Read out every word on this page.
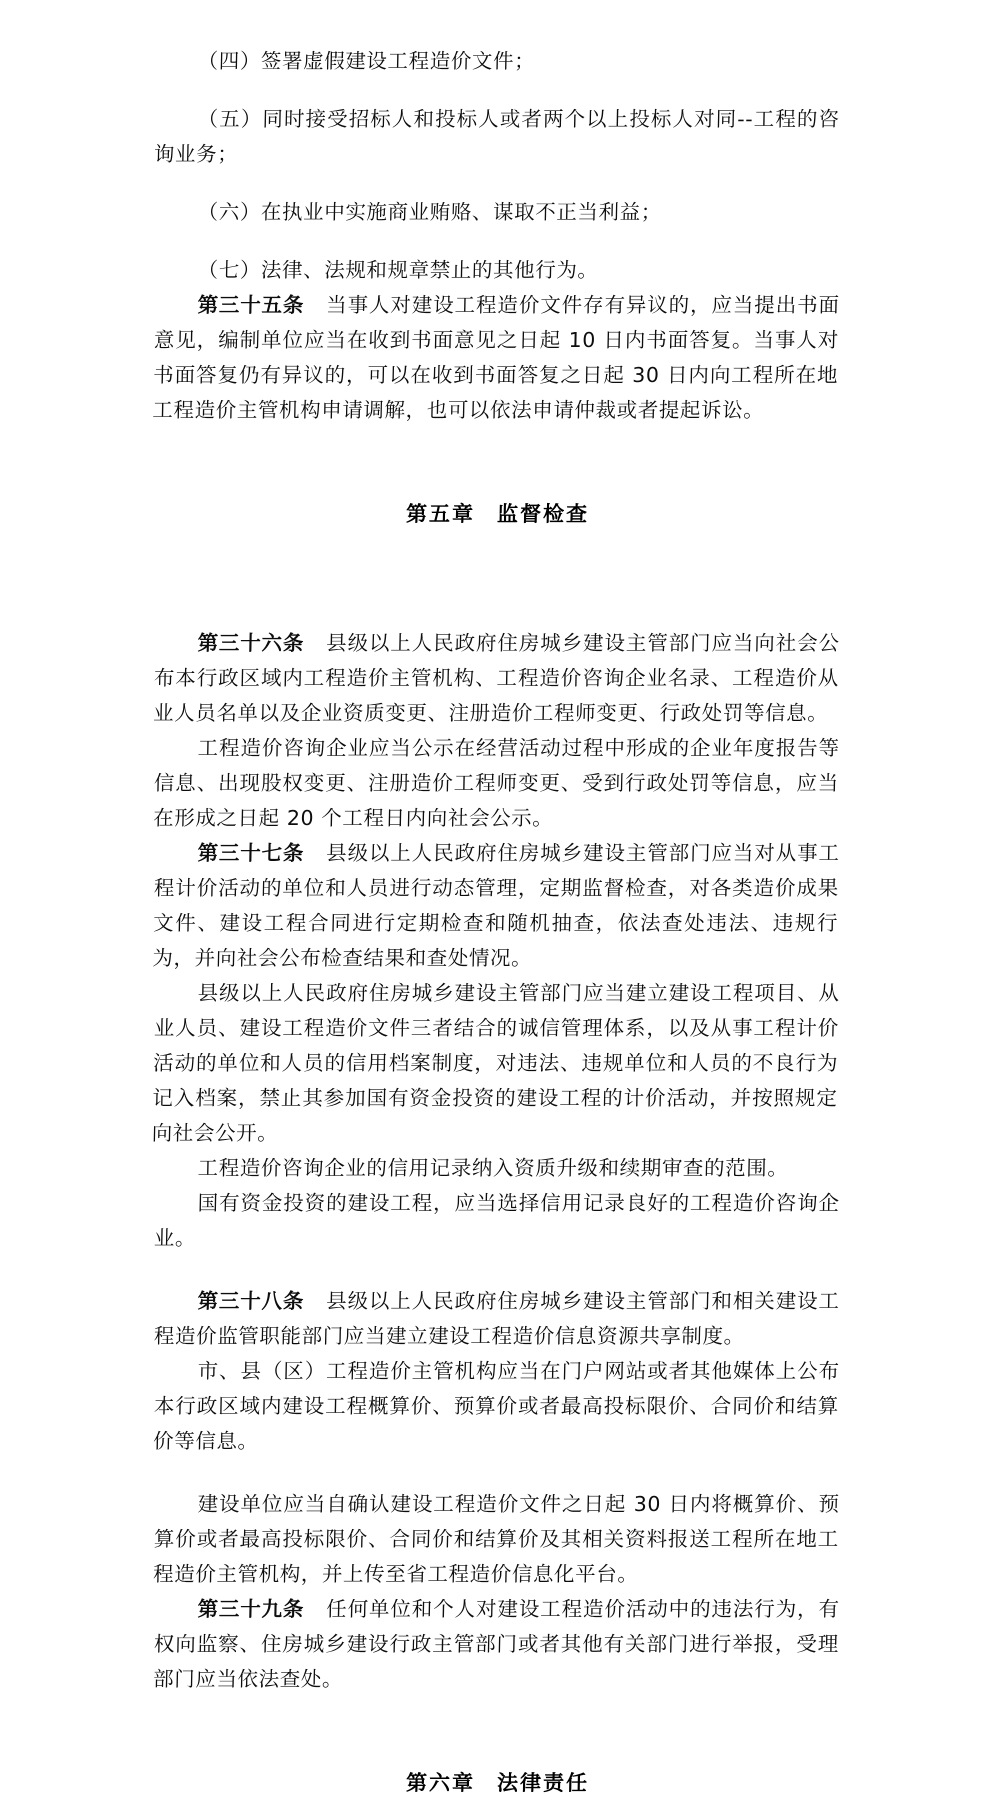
（四）签署虚假建设工程造价文件；

（五）同时接受招标人和投标人或者两个以上投标人对同--工程的咨询业务；

（六）在执业中实施商业贿赂、谋取不正当利益；

（七）法律、法规和规章禁止的其他行为。

第三十五条 当事人对建设工程造价文件存有异议的，应当提出书面意见，编制单位应当在收到书面意见之日起 10 日内书面答复。当事人对书面答复仍有异议的，可以在收到书面答复之日起 30 日内向工程所在地工程造价主管机构申请调解，也可以依法申请仲裁或者提起诉讼。

第五章 监督检查

第三十六条 县级以上人民政府住房城乡建设主管部门应当向社会公布本行政区域内工程造价主管机构、工程造价咨询企业名录、工程造价从业人员名单以及企业资质变更、注册造价工程师变更、行政处罚等信息。

工程造价咨询企业应当公示在经营活动过程中形成的企业年度报告等信息、出现股权变更、注册造价工程师变更、受到行政处罚等信息，应当在形成之日起 20 个工程日内向社会公示。

第三十七条 县级以上人民政府住房城乡建设主管部门应当对从事工程计价活动的单位和人员进行动态管理，定期监督检查，对各类造价成果文件、建设工程合同进行定期检查和随机抽查，依法查处违法、违规行为，并向社会公布检查结果和查处情况。

县级以上人民政府住房城乡建设主管部门应当建立建设工程项目、从业人员、建设工程造价文件三者结合的诚信管理体系，以及从事工程计价活动的单位和人员的信用档案制度，对违法、违规单位和人员的不良行为记入档案，禁止其参加国有资金投资的建设工程的计价活动，并按照规定向社会公开。

工程造价咨询企业的信用记录纳入资质升级和续期审查的范围。

国有资金投资的建设工程，应当选择信用记录良好的工程造价咨询企业。

第三十八条 县级以上人民政府住房城乡建设主管部门和相关建设工程造价监管职能部门应当建立建设工程造价信息资源共享制度。

市、县（区）工程造价主管机构应当在门户网站或者其他媒体上公布本行政区域内建设工程概算价、预算价或者最高投标限价、合同价和结算价等信息。

建设单位应当自确认建设工程造价文件之日起 30 日内将概算价、预算价或者最高投标限价、合同价和结算价及其相关资料报送工程所在地工程造价主管机构，并上传至省工程造价信息化平台。

第三十九条 任何单位和个人对建设工程造价活动中的违法行为，有权向监察、住房城乡建设行政主管部门或者其他有关部门进行举报，受理部门应当依法查处。

第六章 法律责任
